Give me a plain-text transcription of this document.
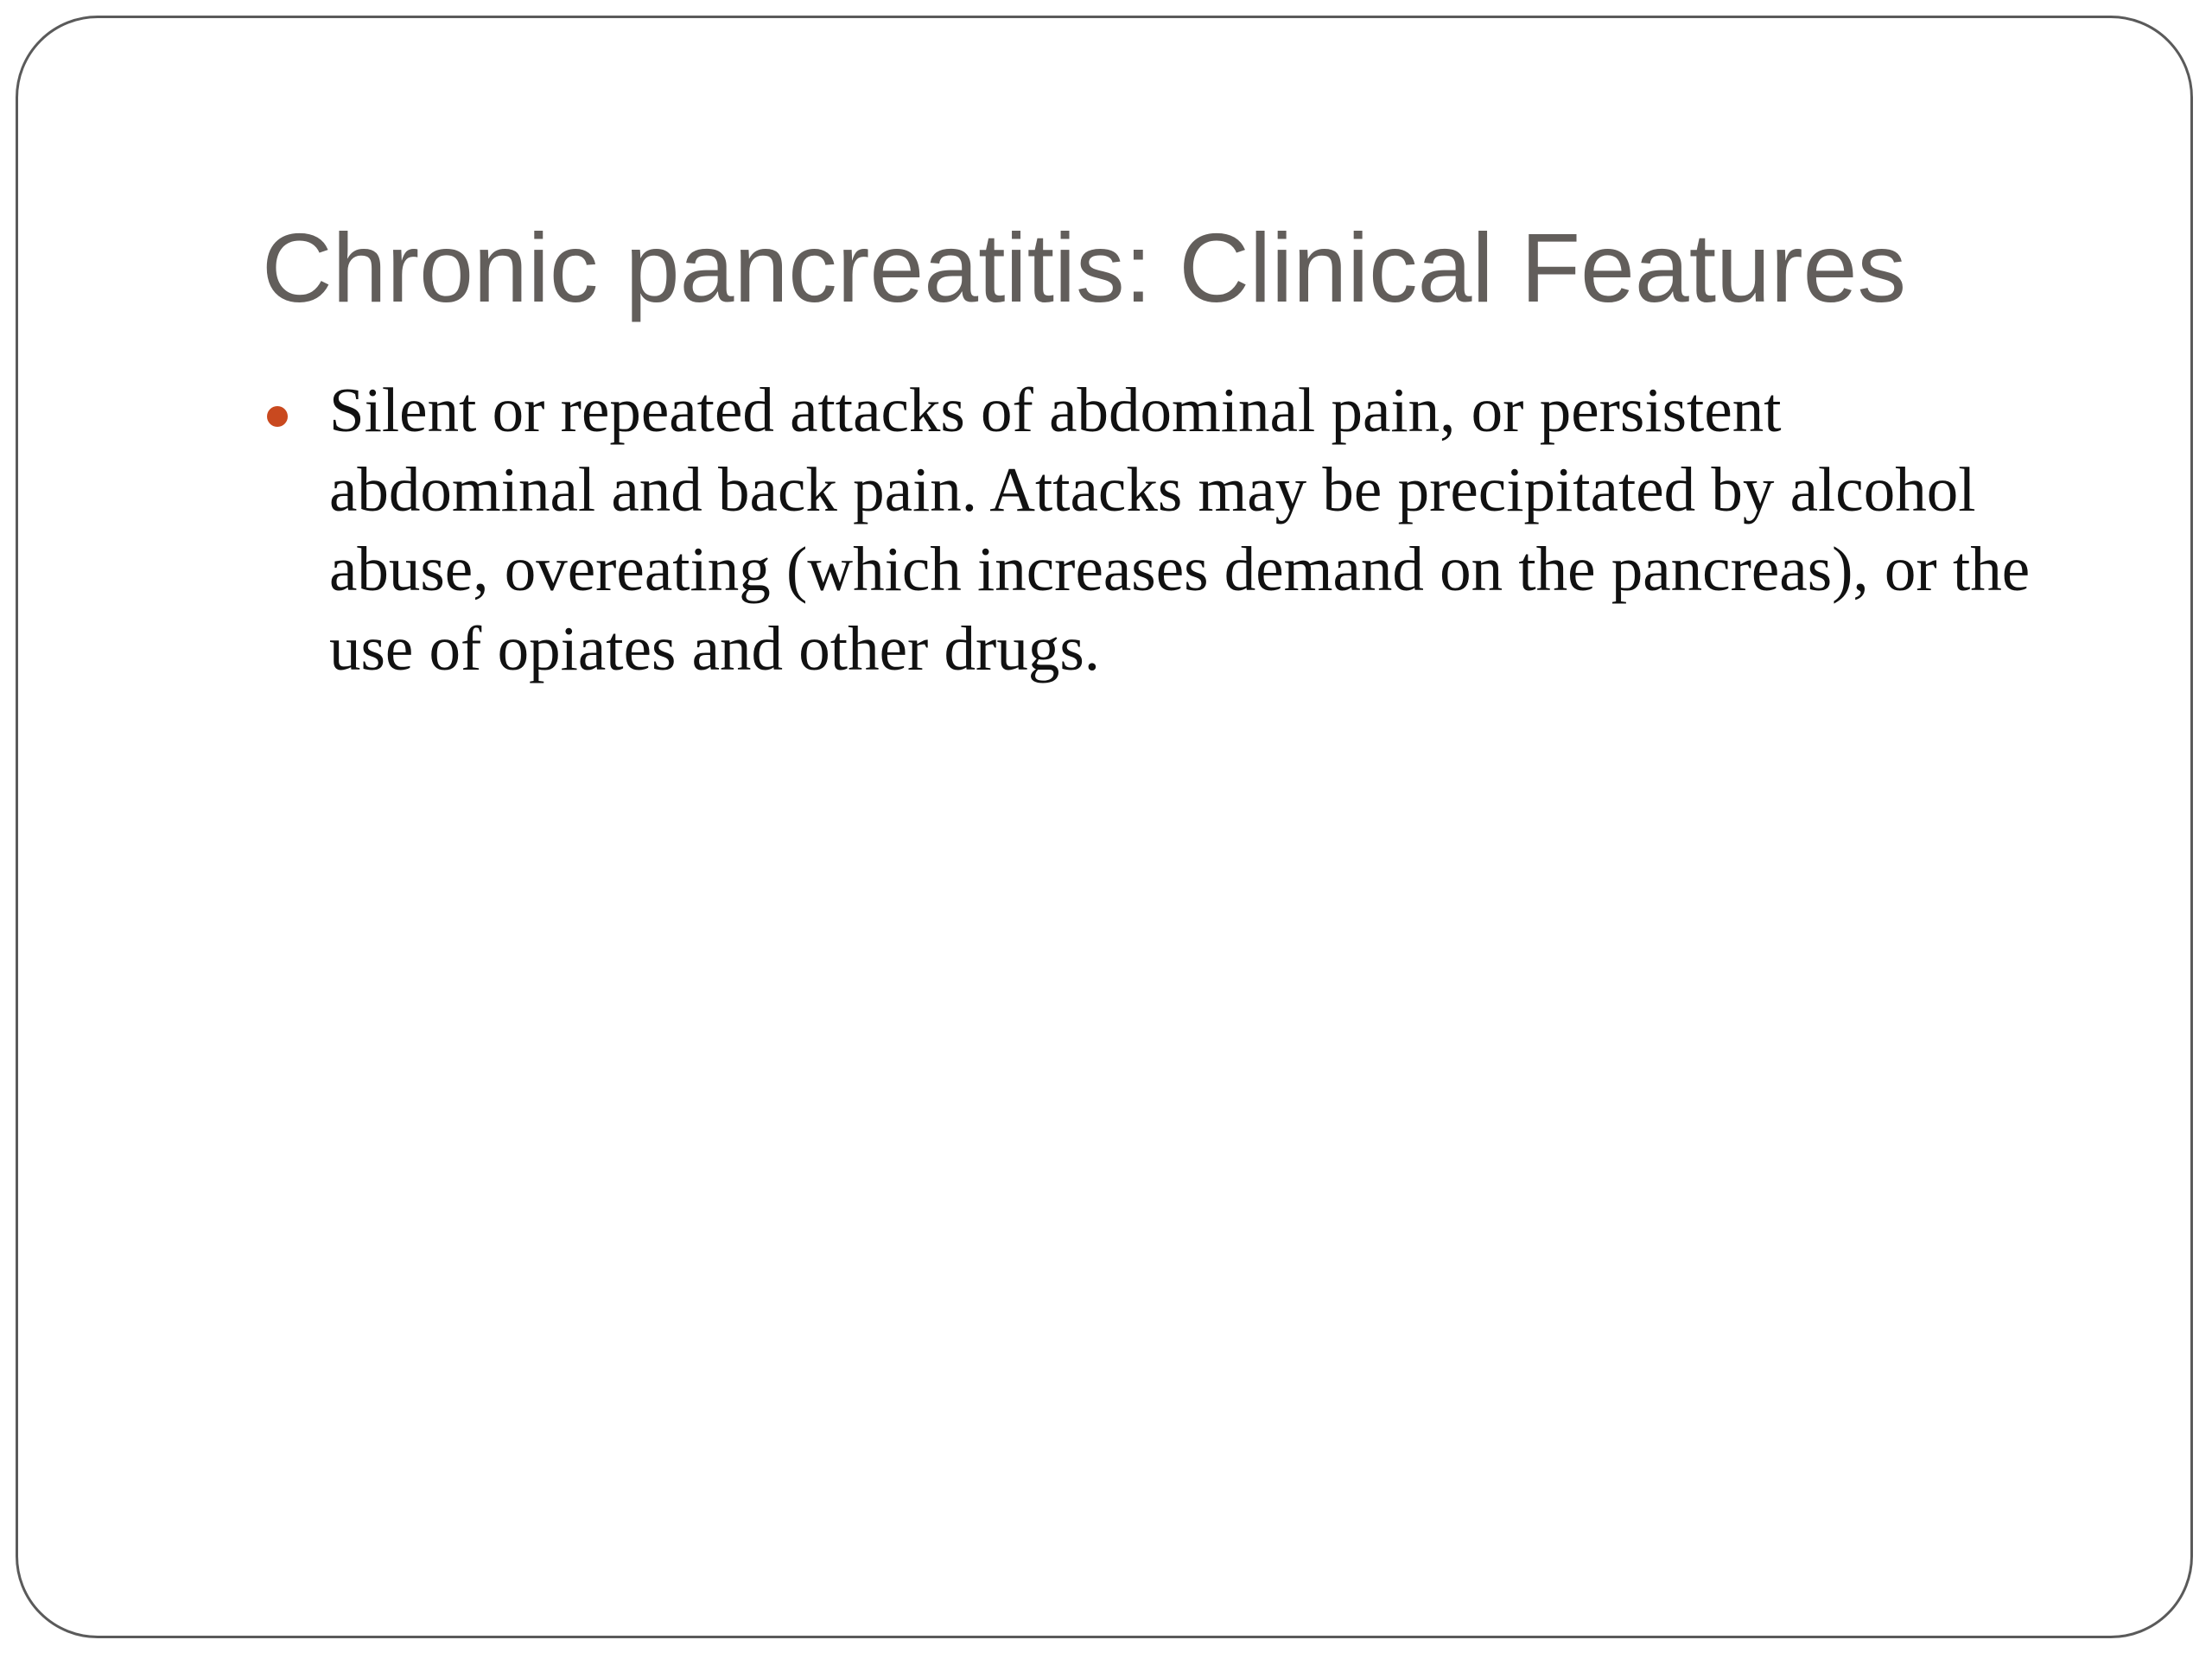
Chronic pancreatitis: Clinical Features
Silent or repeated attacks of abdominal pain, or persistent abdominal and back pain. Attacks may be precipitated by alcohol abuse, overeating (which increases demand on the pancreas), or the use of opiates and other drugs.
